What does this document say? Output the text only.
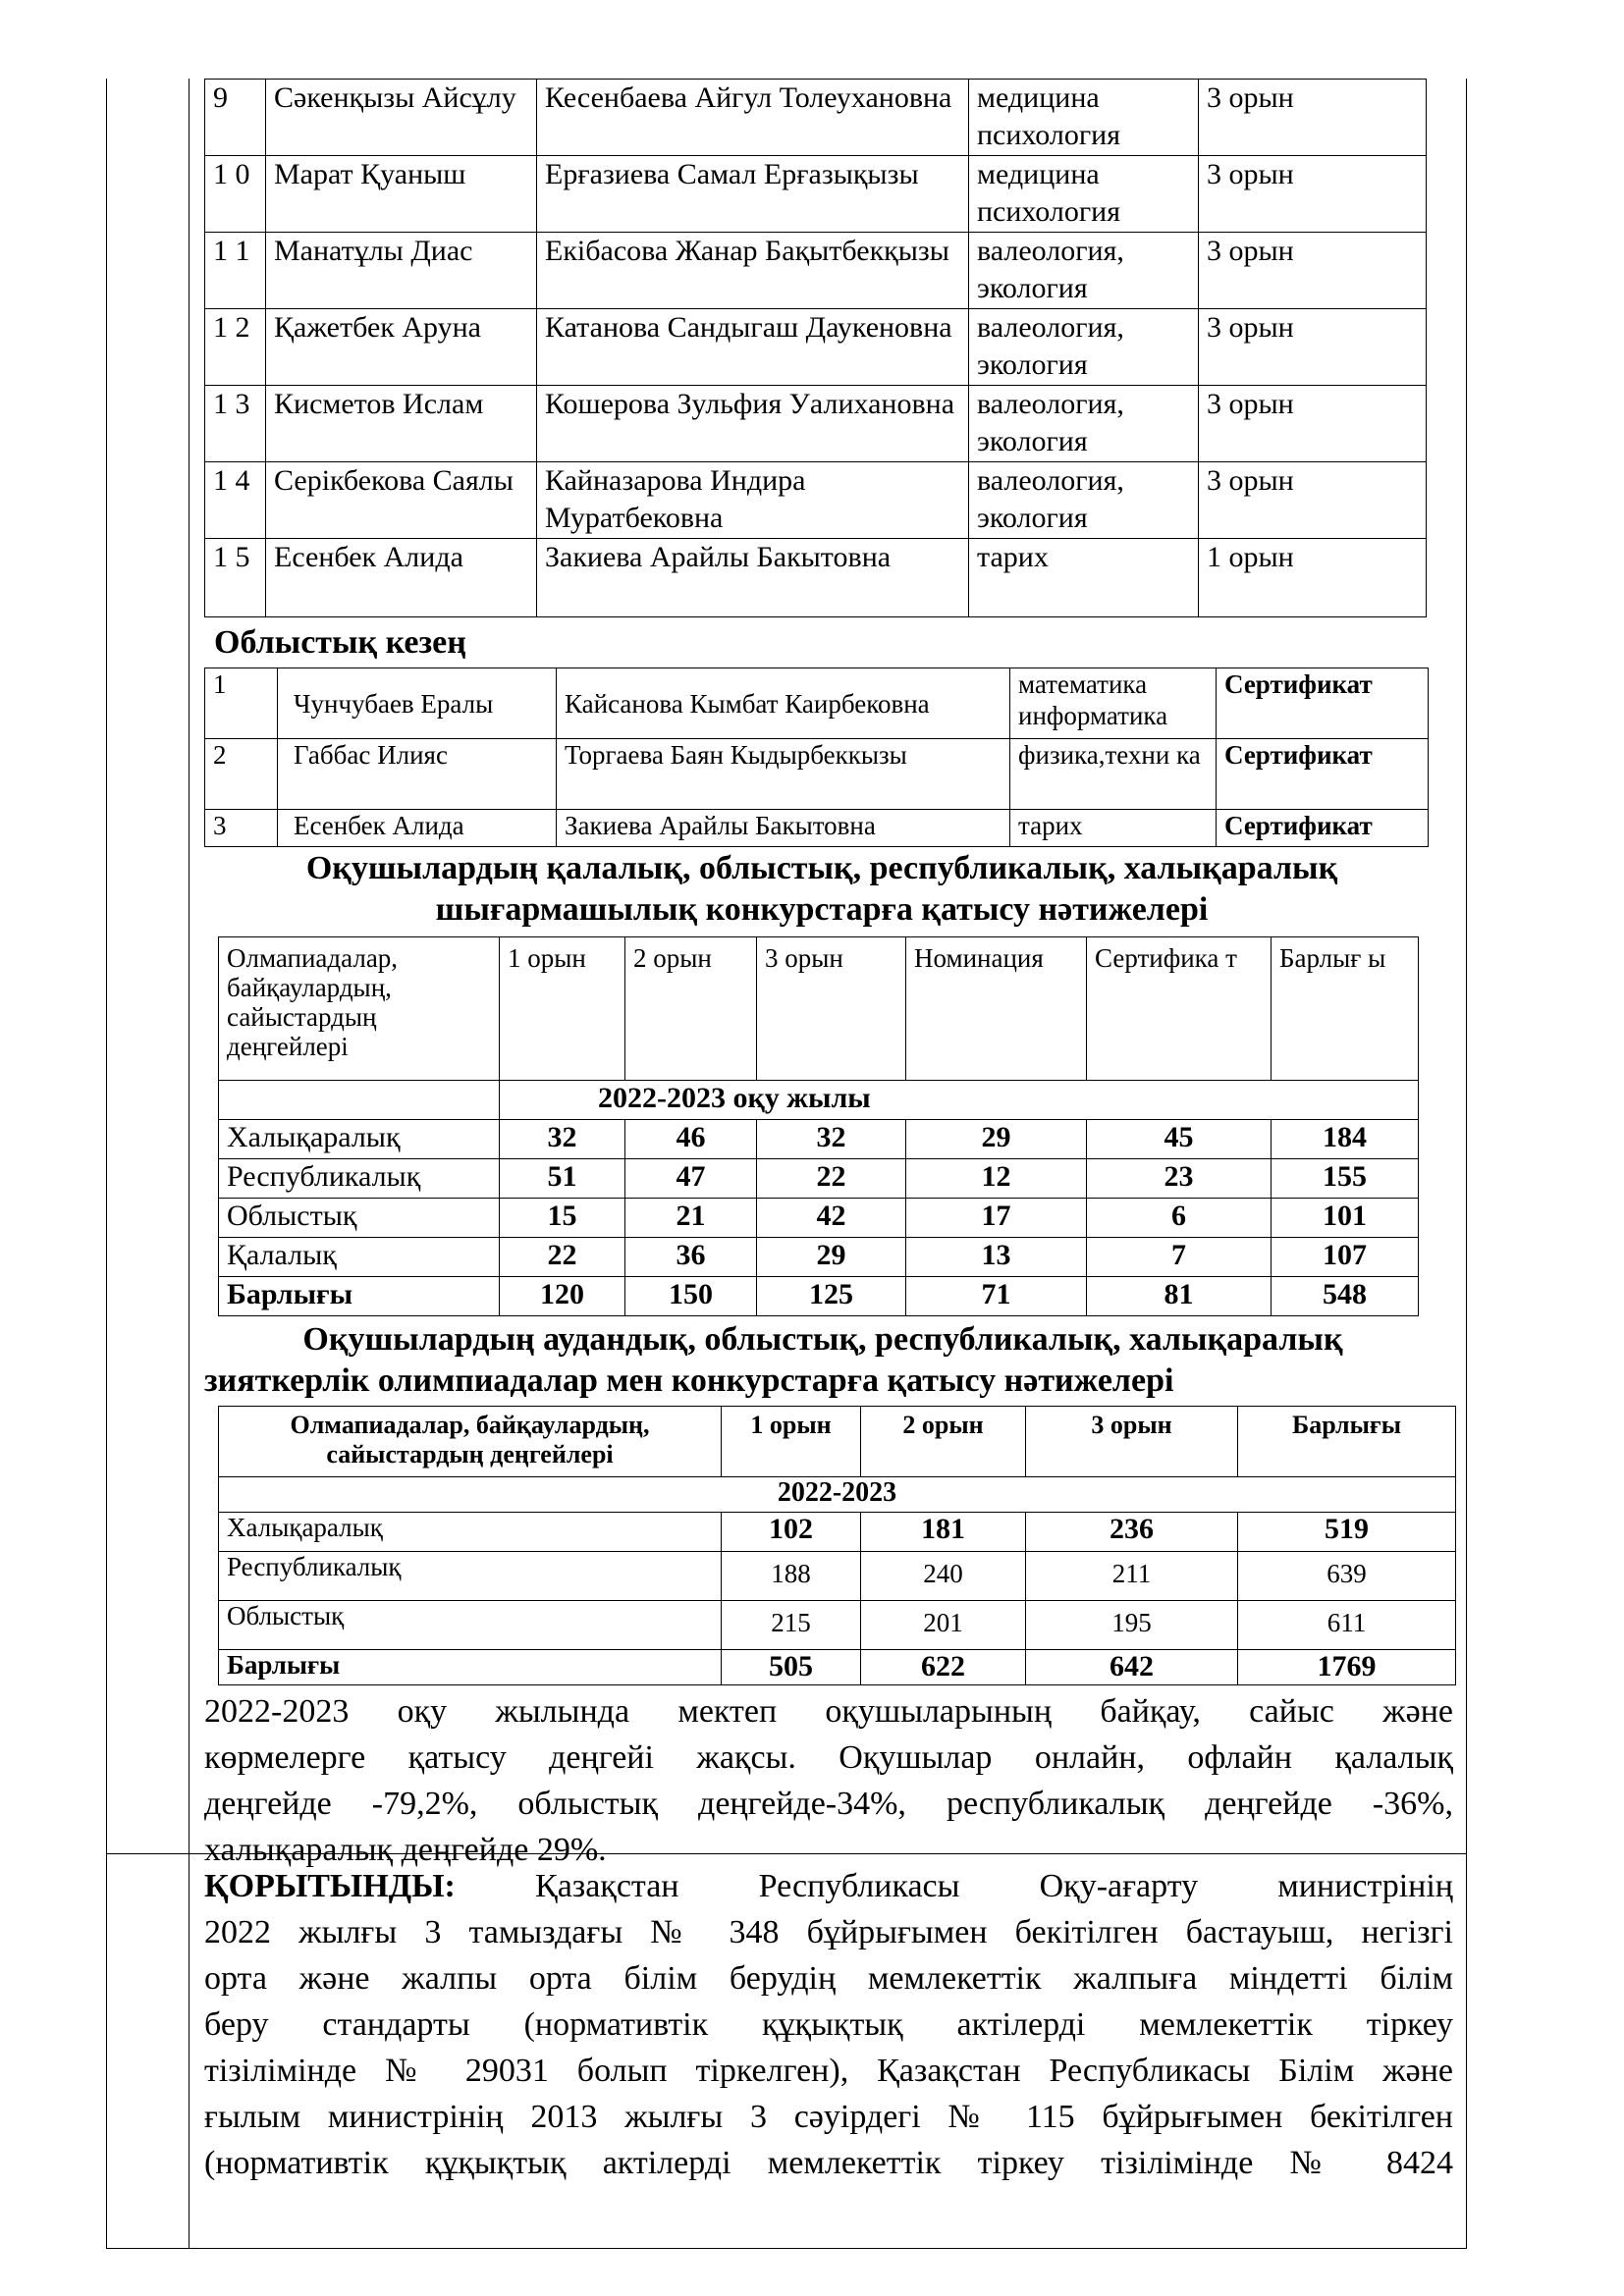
9	Сәкенқызы Айсұлу	Кесенбаева Айгул Толеухановна	медицина психология	3 орын
1 0	Марат Қуаныш	Ерғазиева Самал Ерғазықызы	медицина психология	3 орын
1 1	Манатұлы Диас	Екібасова Жанар Бақытбекқызы	валеология, экология	3 орын
1 2	Қажетбек Аруна	Катанова Сандыгаш Даукеновна	валеология, экология	3 орын
1 3	Кисметов Ислам	Кошерова Зульфия Уалихановна	валеология, экология	3 орын
1 4	Серікбекова Саялы	Кайназарова Индира Муратбековна	валеология, экология	3 орын
1 5	Есенбек Алида	Закиева Арайлы Бакытовна	тарих	1 орын
Облыстық кезең
1	Чунчубаев Ералы	Кайсанова Кымбат Каирбековна	математика информатика	Сертификат
2	Габбас Илияс	Торгаева Баян Кыдырбеккызы	физика,техни ка	Сертификат
3	Есенбек Алида	Закиева Арайлы Бакытовна	тарих	Сертификат
Оқушылардың қалалық, облыстық, республикалық, халықаралық
шығармашылық конкурстарға қатысу нәтижелері
Олмапиадалар, байқаулардың, сайыстардың деңгейлері	1 орын	2 орын	3 орын	Номинация	Сертифика т	Барлығ ы
	2022-2023 оқу жылы					
Халықаралық	32	46	32	29	45	184
Республикалық	51	47	22	12	23	155
Облыстық	15	21	42	17	6	101
Қалалық	22	36	29	13	7	107
Барлығы	120	150	125	71	81	548
Оқушылардың аудандық, облыстық, республикалық, халықаралық
зияткерлік олимпиадалар мен конкурстарға қатысу нәтижелері
Олмапиадалар, байқаулардың, сайыстардың деңгейлері	1 орын	2 орын	3 орын	Барлығы
2022-2023				
Халықаралық	102	181	236	519
Республикалық	188	240	211	639
Облыстық	215	201	195	611
Барлығы	505	622	642	1769
2022-2023 оқу жылында мектеп оқушыларының байқау, сайыс және
көрмелерге қатысу деңгейі жақсы. Оқушылар онлайн, офлайн қалалық
деңгейде -79,2%, облыстық деңгейде-34%, республикалық деңгейде -36%,
халықаралық деңгейде 29%.
ҚОРЫТЫНДЫ: Қазақстан Республикасы Оқу-ағарту министрінің
2022 жылғы 3 тамыздағы № 348 бұйрығымен бекітілген бастауыш, негізгі
орта және жалпы орта білім берудің мемлекеттік жалпыға міндетті білім
беру стандарты (нормативтік құқықтық актілерді мемлекеттік тіркеу
тізілімінде № 29031 болып тіркелген), Қазақстан Республикасы Білім және
ғылым министрінің 2013 жылғы 3 сәуірдегі № 115 бұйрығымен бекітілген
(нормативтік құқықтық актілерді мемлекеттік тіркеу тізілімінде № 8424
